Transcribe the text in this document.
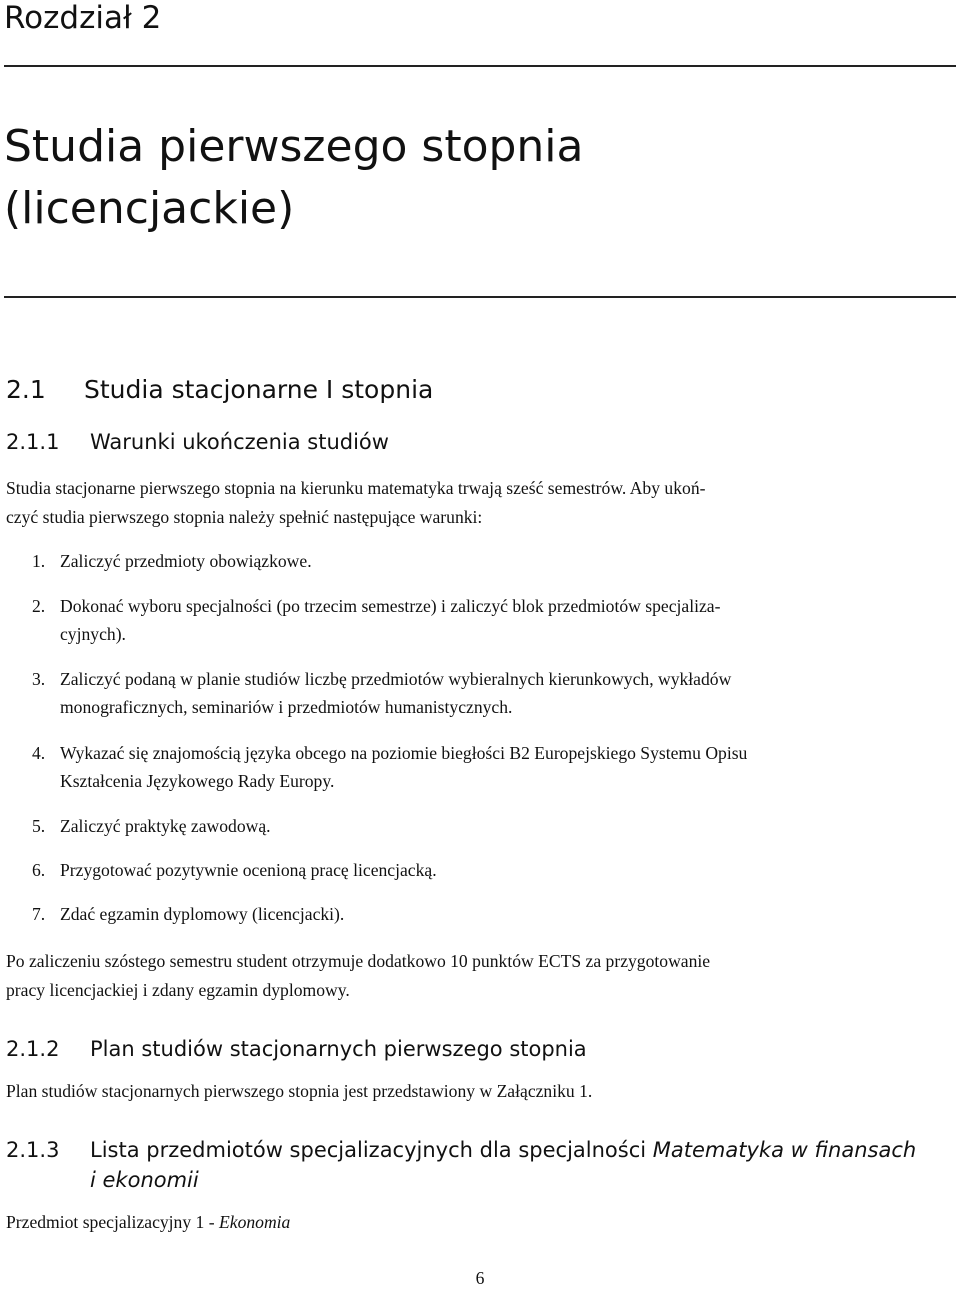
Rozdział 2
Studia pierwszego stopnia
(licencjackie)
2.1 Studia stacjonarne I stopnia
2.1.1 Warunki ukończenia studiów
Studia stacjonarne pierwszego stopnia na kierunku matematyka trwają sześć semestrów. Aby ukoń-
czyć studia pierwszego stopnia należy spełnić następujące warunki:
1. Zaliczyć przedmioty obowiązkowe.
2. Dokonać wyboru specjalności (po trzecim semestrze) i zaliczyć blok przedmiotów specjaliza-
cyjnych).
3. Zaliczyć podaną w planie studiów liczbę przedmiotów wybieralnych kierunkowych, wykładów
monograficznych, seminariów i przedmiotów humanistycznych.
4. Wykazać się znajomością języka obcego na poziomie biegłości B2 Europejskiego Systemu Opisu
Kształcenia Językowego Rady Europy.
5. Zaliczyć praktykę zawodową.
6. Przygotować pozytywnie ocenioną pracę licencjacką.
7. Zdać egzamin dyplomowy (licencjacki).
Po zaliczeniu szóstego semestru student otrzymuje dodatkowo 10 punktów ECTS za przygotowanie
pracy licencjackiej i zdany egzamin dyplomowy.
2.1.2 Plan studiów stacjonarnych pierwszego stopnia
Plan studiów stacjonarnych pierwszego stopnia jest przedstawiony w Załączniku 1.
2.1.3 Lista przedmiotów specjalizacyjnych dla specjalności Matematyka w finansach
i ekonomii
Przedmiot specjalizacyjny 1 - Ekonomia
6
